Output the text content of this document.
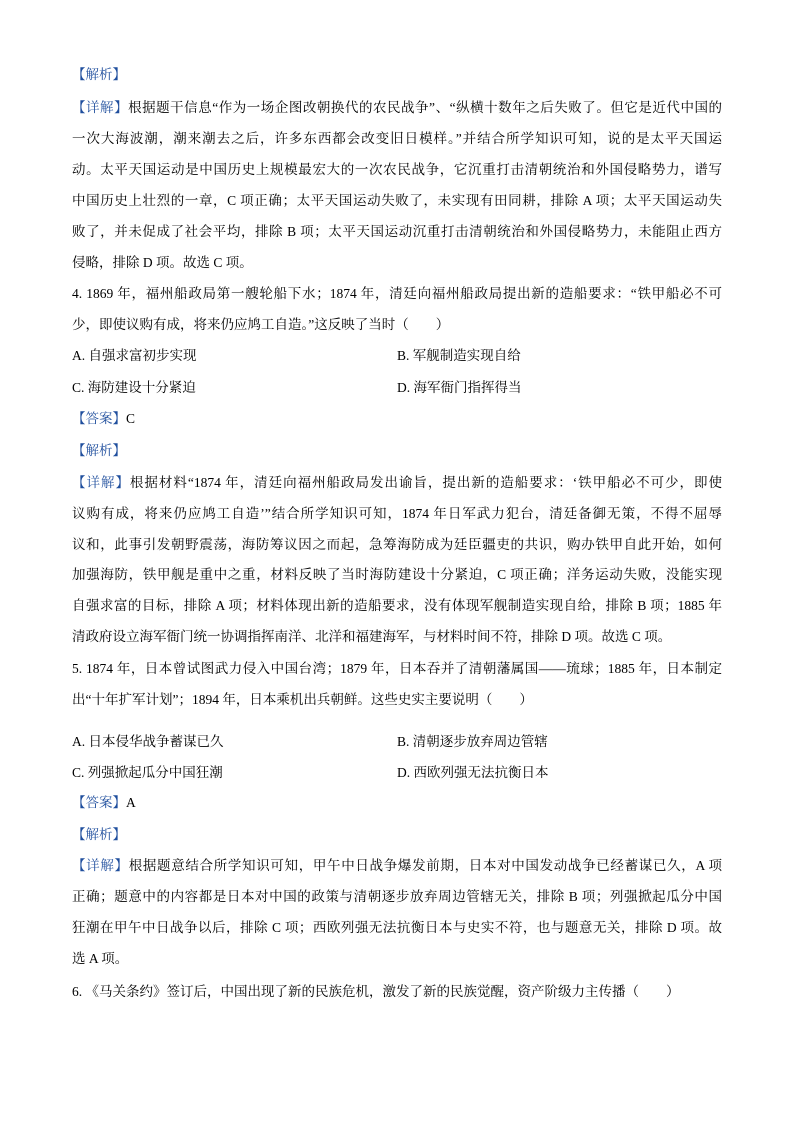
【解析】
【详解】根据题干信息“作为一场企图改朝换代的农民战争”、“纵横十数年之后失败了。但它是近代中国的
一次大海波潮，潮来潮去之后，许多东西都会改变旧日模样。”并结合所学知识可知，说的是太平天国运
动。太平天国运动是中国历史上规模最宏大的一次农民战争，它沉重打击清朝统治和外国侵略势力，谱写
中国历史上壮烈的一章，C 项正确；太平天国运动失败了，未实现有田同耕，排除 A 项；太平天国运动失
败了，并未促成了社会平均，排除 B 项；太平天国运动沉重打击清朝统治和外国侵略势力，未能阻止西方
侵略，排除 D 项。故选 C 项。
4. 1869 年，福州船政局第一艘轮船下水；1874 年，清廷向福州船政局提出新的造船要求：“铁甲船必不可
少，即使议购有成，将来仍应鸠工自造。”这反映了当时（　　）
A. 自强求富初步实现	B. 军舰制造实现自给
C. 海防建设十分紧迫	D. 海军衙门指挥得当
【答案】C
【解析】
【详解】根据材料“1874 年，清廷向福州船政局发出谕旨，提出新的造船要求：‘铁甲船必不可少，即使
议购有成，将来仍应鸠工自造’”结合所学知识可知，1874 年日军武力犯台，清廷备御无策，不得不屈辱
议和，此事引发朝野震荡，海防筹议因之而起，急筹海防成为廷臣疆吏的共识，购办铁甲自此开始，如何
加强海防，铁甲舰是重中之重，材料反映了当时海防建设十分紧迫，C 项正确；洋务运动失败，没能实现
自强求富的目标，排除 A 项；材料体现出新的造船要求，没有体现军舰制造实现自给，排除 B 项；1885 年
清政府设立海军衙门统一协调指挥南洋、北洋和福建海军，与材料时间不符，排除 D 项。故选 C 项。
5. 1874 年，日本曾试图武力侵入中国台湾；1879 年，日本吞并了清朝藩属国——琉球；1885 年，日本制定
出“十年扩军计划”；1894 年，日本乘机出兵朝鲜。这些史实主要说明（　　）
A. 日本侵华战争蓄谋已久	B. 清朝逐步放弃周边管辖
C. 列强掀起瓜分中国狂潮	D. 西欧列强无法抗衡日本
【答案】A
【解析】
【详解】根据题意结合所学知识可知，甲午中日战争爆发前期，日本对中国发动战争已经蓄谋已久，A 项
正确；题意中的内容都是日本对中国的政策与清朝逐步放弃周边管辖无关，排除 B 项；列强掀起瓜分中国
狂潮在甲午中日战争以后，排除 C 项；西欧列强无法抗衡日本与史实不符，也与题意无关，排除 D 项。故
选 A 项。
6. 《马关条约》签订后，中国出现了新的民族危机，激发了新的民族觉醒，资产阶级力主传播（　　）
